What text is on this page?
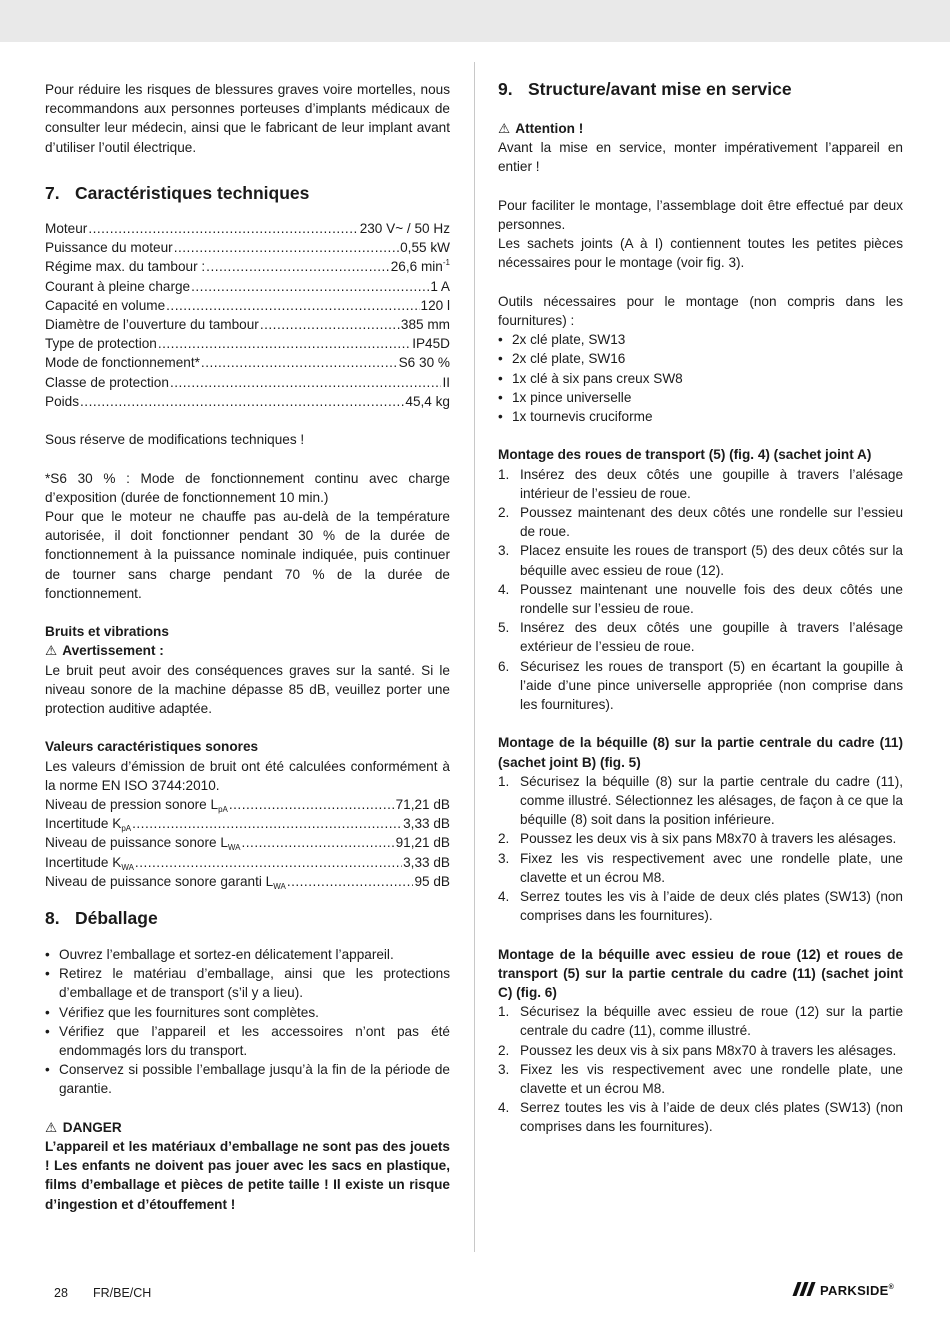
Pour réduire les risques de blessures graves voire mortelles, nous recommandons aux personnes porteuses d’implants médicaux de consulter leur médecin, ainsi que le fabricant de leur implant avant d’utiliser l’outil électrique.

7. Caractéristiques techniques
Moteur .....	230 V~ / 50 Hz
Puissance du moteur .....	0,55 kW
Régime max. du tambour : .....	26,6 $\min^{-1}$
Courant à pleine charge .....	1 A
Capacité en volume .....	120 l
Diamètre de l’ouverture du tambour .....	385 mm
Type de protection .....	IP45D
Mode de fonctionnement* .....	S6 30 %
Classe de protection .....	II
Poids .....	45,4 kg

Sous réserve de modifications techniques !

*S6 30 % : Mode de fonctionnement continu avec charge d’exposition (durée de fonctionnement 10 min.)

Pour que le moteur ne chauffe pas au-delà de la température autorisée, il doit fonctionner pendant 30 % de la durée de fonctionnement à la puissance nominale indiquée, puis continuer de tourner sans charge pendant 70 % de la durée de fonctionnement.

Bruits et vibrations

⚠ Avertissement :

Le bruit peut avoir des conséquences graves sur la santé. Si le niveau sonore de la machine dépasse 85 dB, veuillez porter une protection auditive adaptée.

Valeurs caractéristiques sonores

Les valeurs d’émission de bruit ont été calculées conformément à la norme EN ISO 3744:2010.

Niveau de pression sonore $L_{pA}$ .....	71,21 dB
Incertitude $K_{pA}$ .....	3,33 dB
Niveau de puissance sonore $L_{WA}$ .....	91,21 dB
Incertitude $K_{WA}$ .....	3,33 dB
Niveau de puissance sonore garanti $L_{WA}$ .....	95 dB
8. Déballage
• Ouvrez l’emballage et sortez-en délicatement l’appareil.
• Retirez le matériau d’emballage, ainsi que les protections d’emballage et de transport (s’il y a lieu).
• Vérifiez que les fournitures sont complètes.
• Vérifiez que l’appareil et les accessoires n’ont pas été endommagés lors du transport.
• Conservez si possible l’emballage jusqu’à la fin de la période de garantie.

⚠ DANGER

L’appareil et les matériaux d’emballage ne sont pas des jouets ! Les enfants ne doivent pas jouer avec les sacs en plastique, films d’emballage et pièces de petite taille ! Il existe un risque d’ingestion et d’étouffement !

9. Structure/avant mise en service

⚠ Attention !

Avant la mise en service, monter impérativement l’appareil en entier !

Pour faciliter le montage, l’assemblage doit être effectué par deux personnes.

Les sachets joints (A à I) contiennent toutes les petites pièces nécessaires pour le montage (voir fig. 3).

Outils nécessaires pour le montage (non compris dans les fournitures) :

• 2x clé plate, SW13
• 2x clé plate, SW16
• 1x clé à six pans creux SW8
• 1x pince universelle
• 1x tournevis cruciforme

Montage des roues de transport (5) (fig. 4) (sachet joint A)

1. Insérez des deux côtés une goupille à travers l’alésage intérieur de l’essieu de roue.
2. Poussez maintenant des deux côtés une rondelle sur l’essieu de roue.
3. Placez ensuite les roues de transport (5) des deux côtés sur la béquille avec essieu de roue (12).
4. Poussez maintenant une nouvelle fois des deux côtés une rondelle sur l’essieu de roue.
5. Insérez des deux côtés une goupille à travers l’alésage extérieur de l’essieu de roue.
6. Sécurisez les roues de transport (5) en écartant la goupille à l’aide d’une pince universelle appropriée (non comprise dans les fournitures).

Montage de la béquille (8) sur la partie centrale du cadre (11) (sachet joint B) (fig. 5)

1. Sécurisez la béquille (8) sur la partie centrale du cadre (11), comme illustré. Sélectionnez les alésages, de façon à ce que la béquille (8) soit dans la position inférieure.
2. Poussez les deux vis à six pans M8x70 à travers les alésages.
3. Fixez les vis respectivement avec une rondelle plate, une clavette et un écrou M8.
4. Serrez toutes les vis à l’aide de deux clés plates (SW13) (non comprises dans les fournitures).

Montage de la béquille avec essieu de roue (12) et roues de transport (5) sur la partie centrale du cadre (11) (sachet joint C) (fig. 6)

1. Sécurisez la béquille avec essieu de roue (12) sur la partie centrale du cadre (11), comme illustré.
2. Poussez les deux vis à six pans M8x70 à travers les alésages.
3. Fixez les vis respectivement avec une rondelle plate, une clavette et un écrou M8.
4. Serrez toutes les vis à l’aide de deux clés plates (SW13) (non comprises dans les fournitures).
28 FR/BE/CH	PARKSIDE®
